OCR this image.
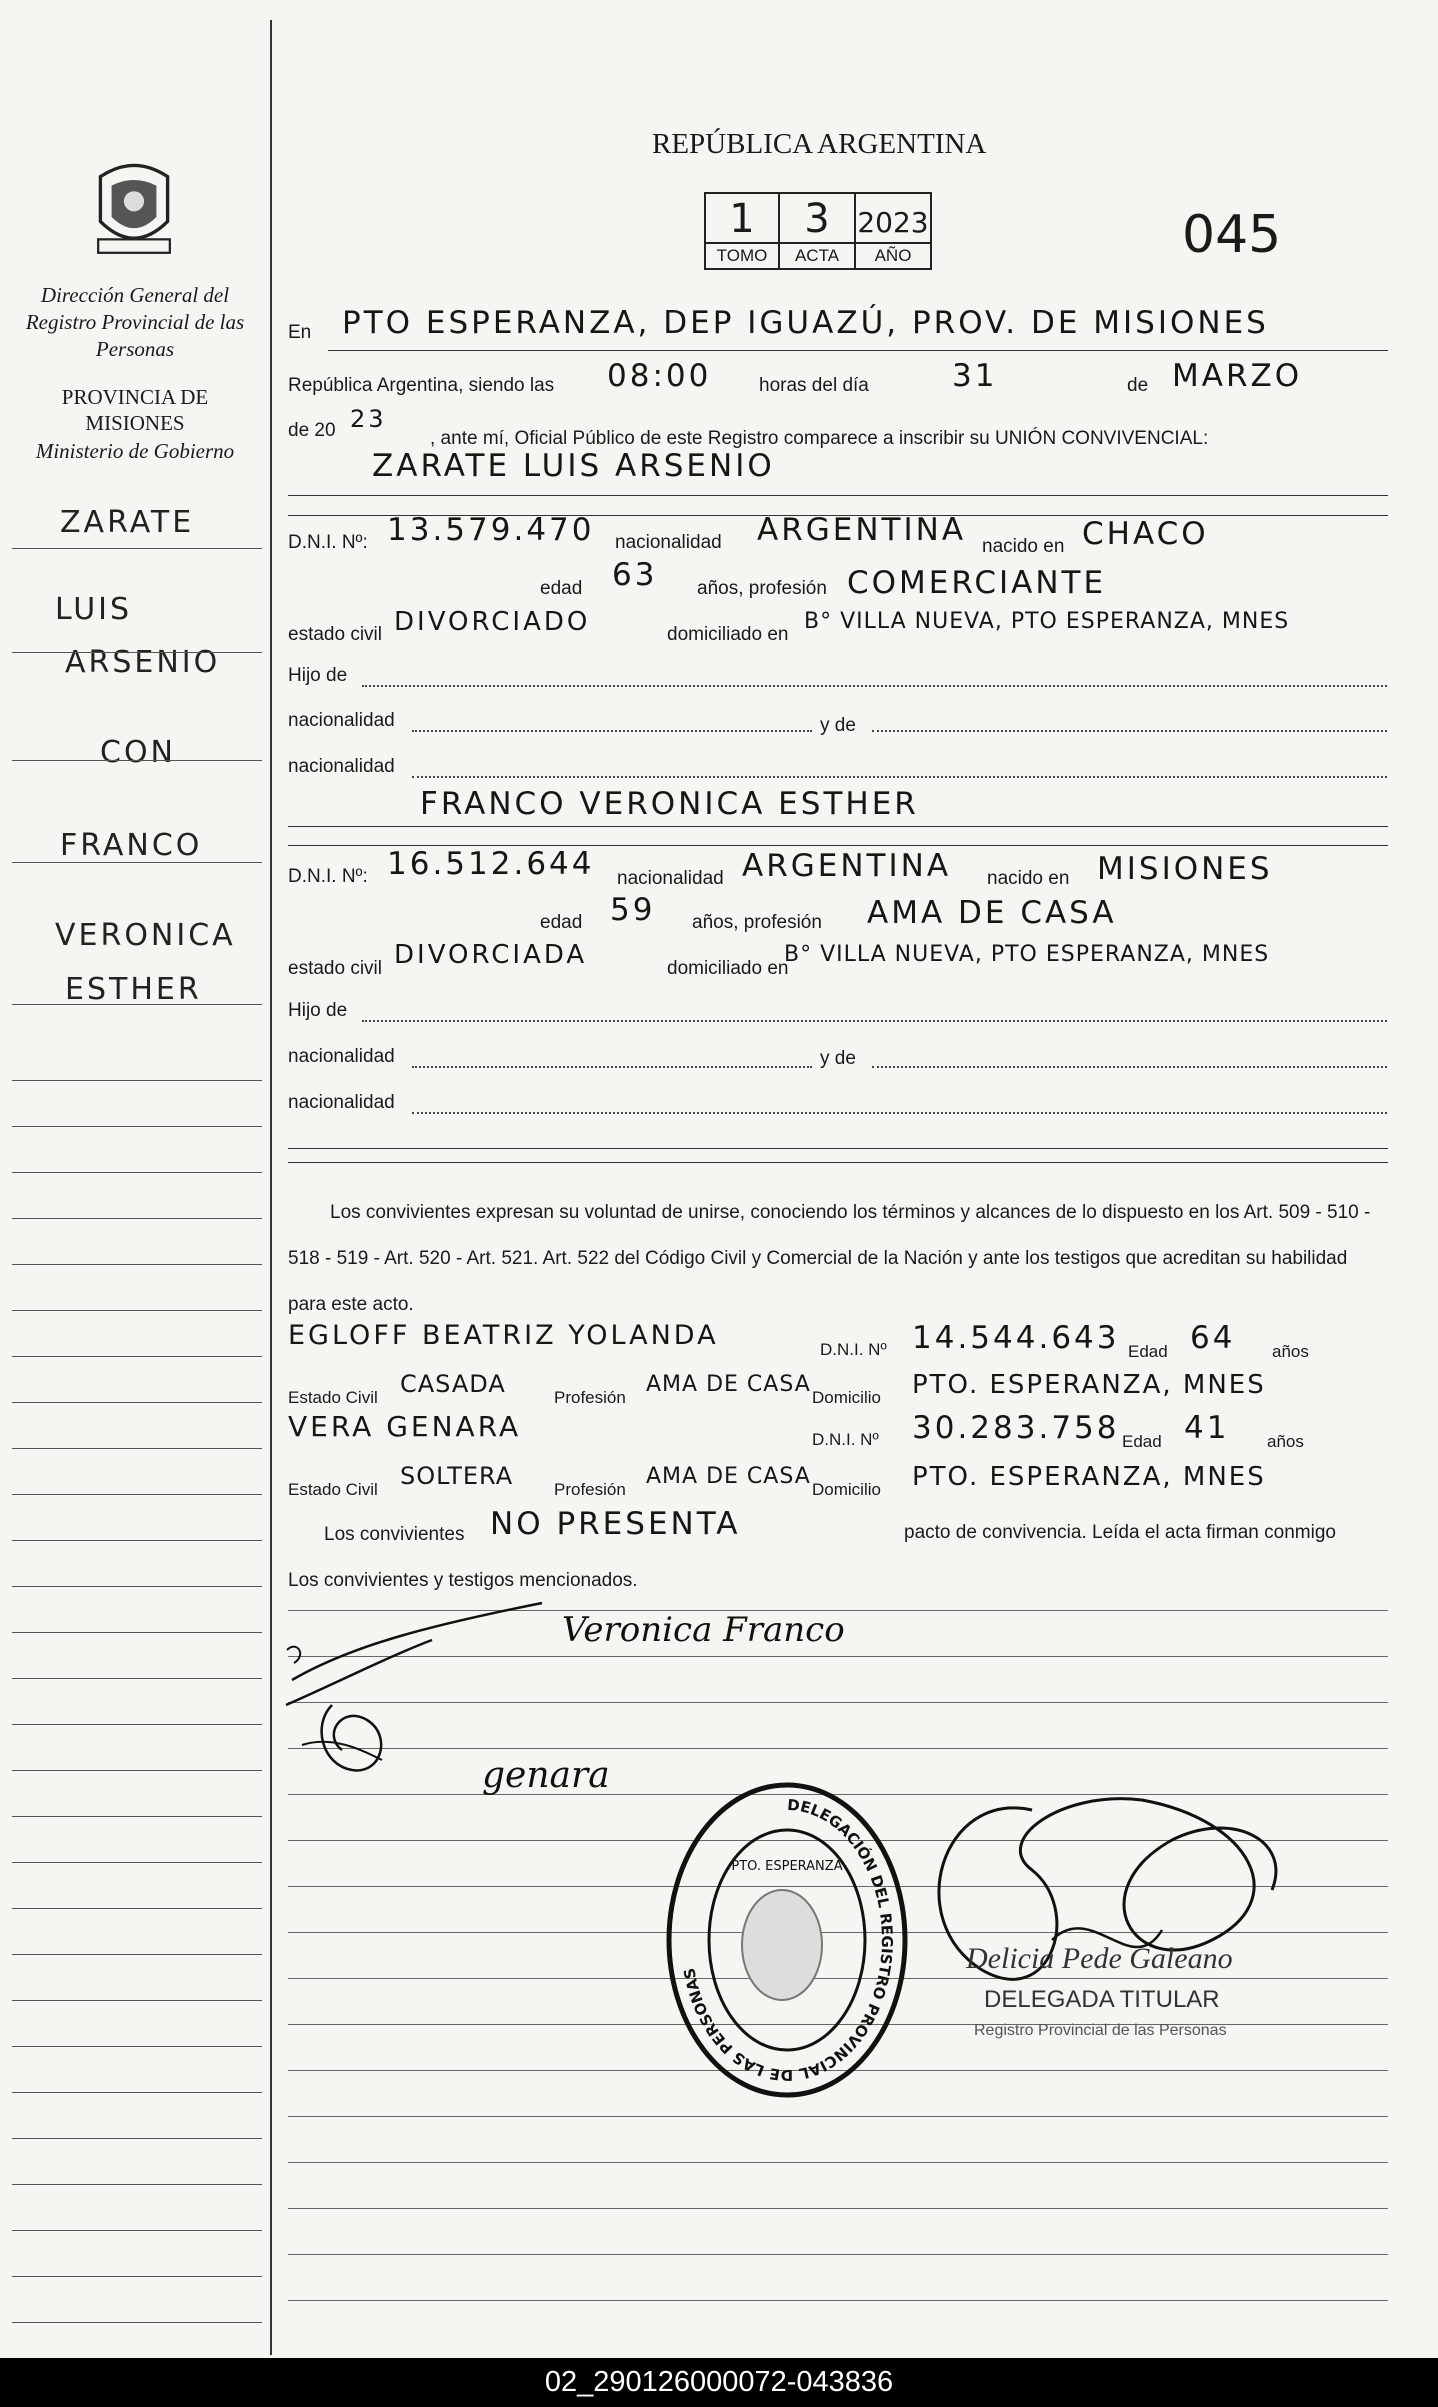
Dirección General del Registro Provincial de las Personas
PROVINCIA DE
MISIONES
Ministerio de Gobierno
ZARATE
LUIS
ARSENIO
CON
FRANCO
VERONICA
ESTHER
REPÚBLICA ARGENTINA
1
TOMO
3
ACTA
2023
AÑO	045
En PTO ESPERANZA, DEP IGUAZÚ, PROV. DE MISIONES
República Argentina, siendo las 08:00	horas del día	31	de MARZO
de 20 23
, ante mí, Oficial Público de este Registro comparece a inscribir su UNIÓN CONVIVENCIAL:
ZARATE LUIS ARSENIO
D.N.I. Nº: 13.579.470 nacionalidad ARGENTINA nacido en CHACO
edad 63 años, profesión COMERCIANTE
estado civil DIVORCIADO	domiciliado en
B° VILLA NUEVA, PTO ESPERANZA, MNES
Hijo de
nacionalidad	y de
nacionalidad
FRANCO VERONICA ESTHER
D.N.I. Nº: 16.512.644 nacionalidad ARGENTINA nacido en MISIONES
edad 59 años, profesión AMA DE CASA
estado civil DIVORCIADA	domiciliado en
B° VILLA NUEVA, PTO ESPERANZA, MNES
Hijo de
nacionalidad	y de
nacionalidad
Los convivientes expresan su voluntad de unirse, conociendo los términos y alcances de lo dispuesto en los Art. 509 - 510 - 518 - 519 - Art. 520 - Art. 521. Art. 522 del Código Civil y Comercial de la Nación y ante los testigos que acreditan su habilidad para este acto.
EGLOFF BEATRIZ YOLANDA	D.N.I. Nº 14.544.643 Edad 64 años
Estado Civil CASADA	Profesión
AMA DE CASA
Domicilio PTO. ESPERANZA, MNES
VERA GENARA	D.N.I. Nº 30.283.758 Edad 41 años
Estado Civil SOLTERA Profesión
AMA DE CASA
Domicilio PTO. ESPERANZA, MNES
Los convivientes NO PRESENTA	pacto de convivencia. Leída el acta firman conmigo
Los convivientes y testigos mencionados.
Veronica Franco
genara
Delicia Pede Galeano
DELEGADA TITULAR
Registro Provincial de las Personas
DELEGACIÓN DEL REGISTRO PROVINCIAL DE LAS PERSONAS
PTO. ESPERANZA
02_290126000072-043836
